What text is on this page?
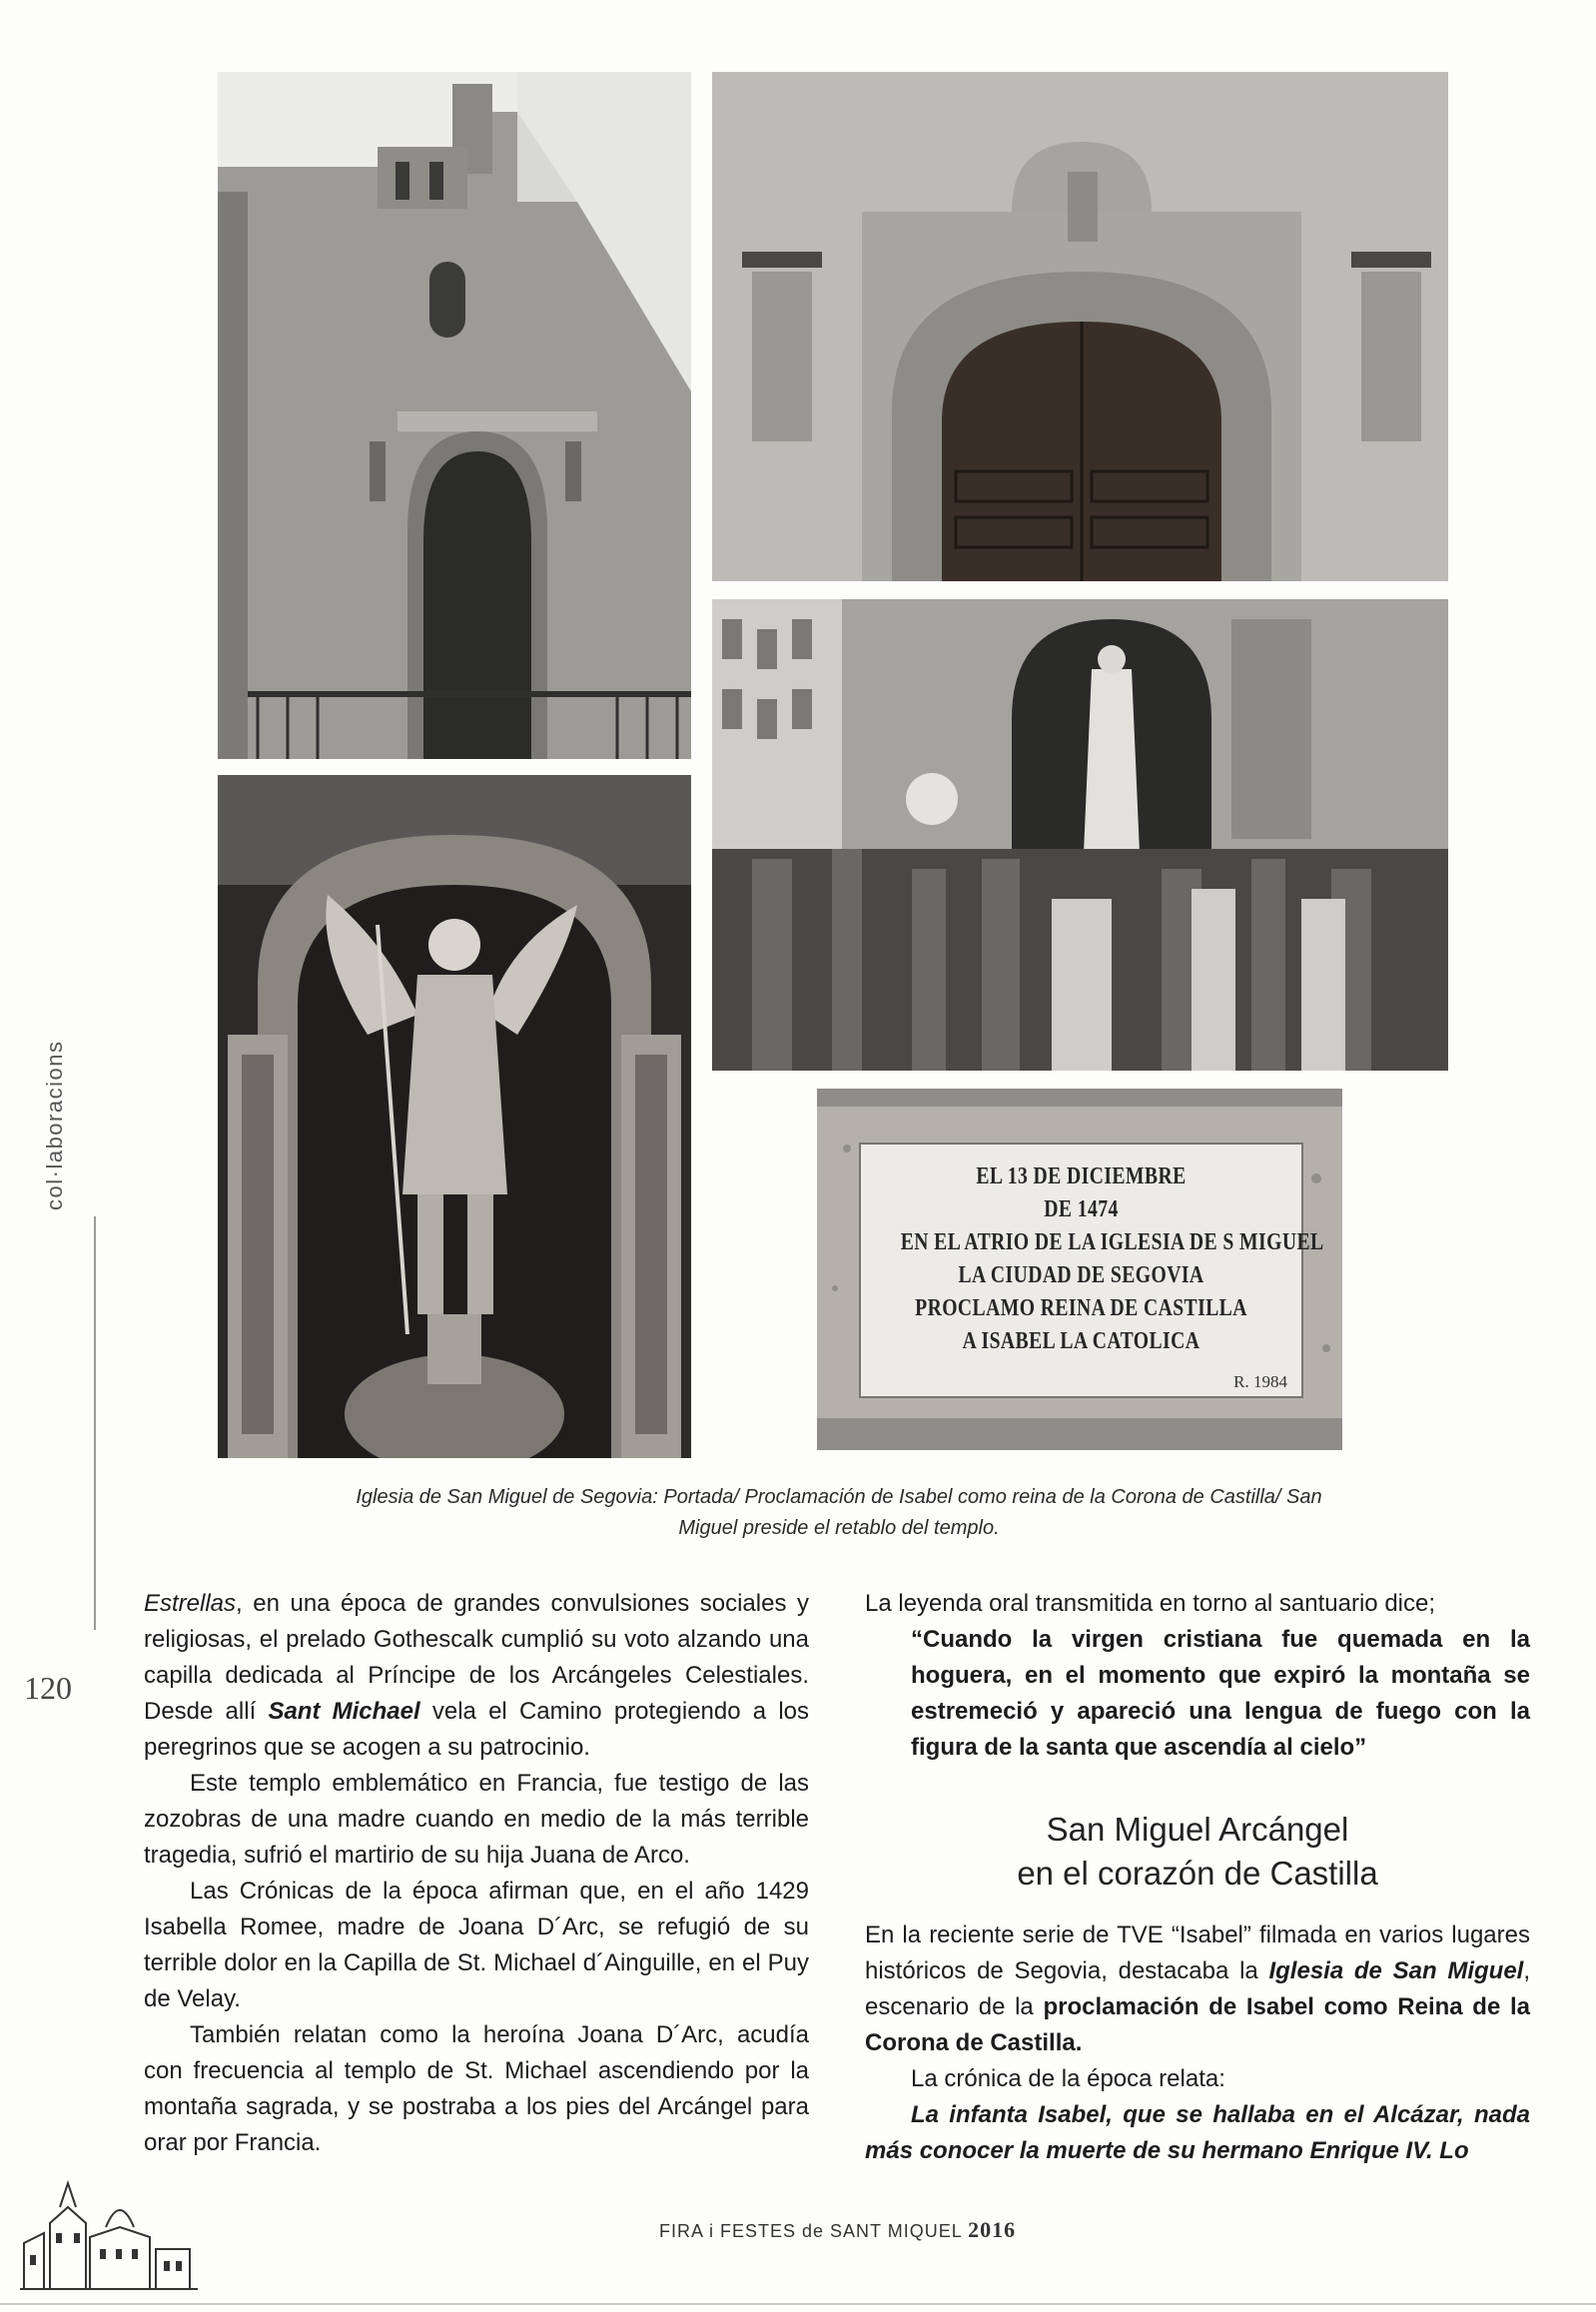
EL 13 DE DICIEMBRE
DE 1474
EN EL ATRIO DE LA IGLESIA DE S MIGUEL
LA CIUDAD DE SEGOVIA
PROCLAMO REINA DE CASTILLA
A ISABEL LA CATOLICA
R. 1984
Iglesia de San Miguel de Segovia: Portada/ Proclamación de Isabel como reina de la Corona de Castilla/ San
Miguel preside el retablo del templo.
col·laboracions
120

Estrellas, en una época de grandes convulsiones sociales y religiosas, el prelado Gothescalk cumplió su voto alzando una capilla dedicada al Príncipe de los Arcángeles Celestiales. Desde allí Sant Michael vela el Camino protegiendo a los peregrinos que se acogen a su patrocinio.

Este templo emblemático en Francia, fue testigo de las zozobras de una madre cuando en medio de la más terrible tragedia, sufrió el martirio de su hija Juana de Arco.

Las Crónicas de la época afirman que, en el año 1429 Isabella Romee, madre de Joana D´Arc, se refugió de su terrible dolor en la Capilla de St. Michael d´Ainguille, en el Puy de Velay.

También relatan como la heroína Joana D´Arc, acudía con frecuencia al templo de St. Michael ascendiendo por la montaña sagrada, y se postraba a los pies del Arcángel para orar por Francia.

La leyenda oral transmitida en torno al santuario dice;

“Cuando la virgen cristiana fue quemada en la hoguera, en el momento que expiró la montaña se estremeció y apareció una lengua de fuego con la figura de la santa que ascendía al cielo”

San Miguel Arcángel
en el corazón de Castilla

En la reciente serie de TVE “Isabel” filmada en varios lugares históricos de Segovia, destacaba la Iglesia de San Miguel, escenario de la proclamación de Isabel como Reina de la Corona de Castilla.

La crónica de la época relata:

La infanta Isabel, que se hallaba en el Alcázar, nada más conocer la muerte de su hermano Enrique IV. Lo

FIRA i FESTES de SANT MIQUEL 2016
